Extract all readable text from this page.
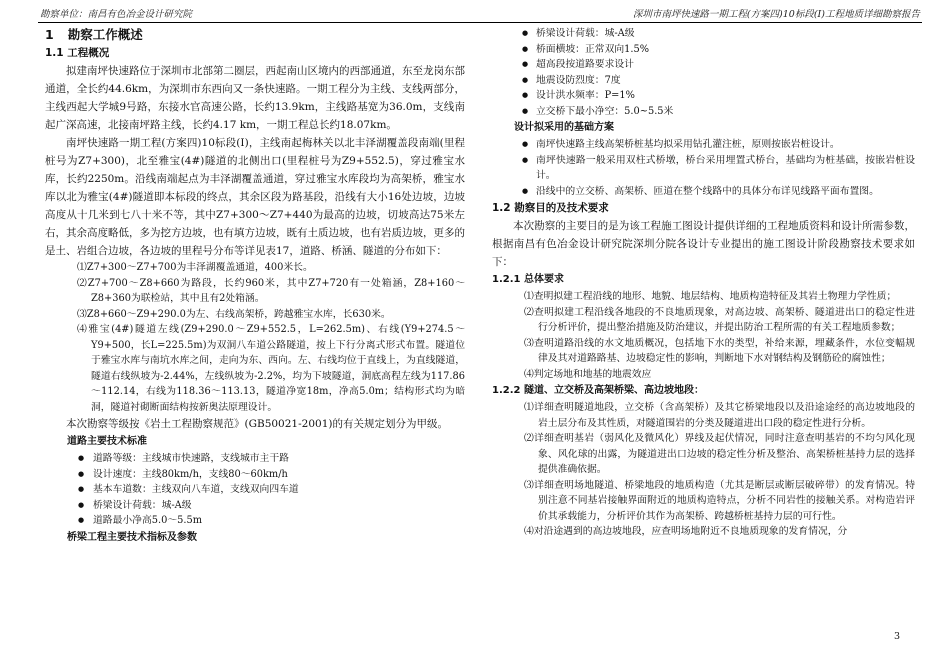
勘察单位：南昌有色冶金设计研究院	深圳市南坪快速路一期工程(方案四)10标段(Ⅰ)工程地质详细勘察报告
1 勘察工作概述
1.1 工程概况

拟建南坪快速路位于深圳市北部第二圈层，西起南山区境内的西部通道，东至龙岗东部通道，全长约44.6km，为深圳市东西向又一条快速路。一期工程分为主线、支线两部分，主线西起大学城9号路，东接水官高速公路，长约13.9km，主线路基宽为36.0m，支线南起广深高速，北接南坪路主线，长约4.17 km，一期工程总长约18.07km。

南坪快速路一期工程(方案四)10标段(Ⅰ)，主线南起梅林关以北丰泽湖覆盖段南端(里程桩号为Z7+300)，北至雅宝(4#)隧道的北侧出口(里程桩号为Z9+552.5)，穿过雅宝水库，长约2250m。沿线南端起点为丰泽湖覆盖通道，穿过雅宝水库段均为高架桥，雅宝水库以北为雅宝(4#)隧道即本标段的终点，其余区段为路基段，沿线有大小16处边坡，边坡高度从十几米到七八十米不等，其中Z7+300～Z7+440为最高的边坡，切坡高达75米左右，其余高度略低，多为挖方边坡，也有填方边坡，既有土质边坡，也有岩质边坡，更多的是土、岩组合边坡，各边坡的里程号分布等详见表17，道路、桥涵、隧道的分布如下：

⑴Z7+300～Z7+700为丰泽湖覆盖通道，400米长。
⑵Z7+700～Z8+660为路段，长约960米，其中Z7+720有一处箱涵，Z8+160～Z8+360为联检站，其中且有2处箱涵。
⑶Z8+660～Z9+290.0为左、右线高架桥，跨越雅宝水库，长630米。
⑷雅宝(4#)隧道左线(Z9+290.0～Z9+552.5，L=262.5m)、右线(Y9+274.5～Y9+500，长L=225.5m)为双洞八车道公路隧道，按上下行分离式形式布置。隧道位于雅宝水库与南坑水库之间，走向为东、西向。左、右线均位于直线上，为直线隧道，隧道右线纵坡为-2.44%，左线纵坡为-2.2%，均为下坡隧道，洞底高程左线为117.86～112.14，右线为118.36～113.13，隧道净宽18m，净高5.0m；结构形式均为暗洞，隧道衬砌断面结构按新奥法原理设计。

本次勘察等级按《岩土工程勘察规范》(GB50021-2001)的有关规定划分为甲级。

道路主要技术标准
● 道路等级：主线城市快速路，支线城市主干路
● 设计速度：主线80km/h，支线80～60km/h
● 基本车道数：主线双向八车道，支线双向四车道
● 桥梁设计荷载：城-A级
● 道路最小净高5.0～5.5m
桥梁工程主要技术指标及参数
● 桥梁设计荷载：城-A级
● 桥面横坡：正常双向1.5%
● 超高段按道路要求设计
● 地震设防烈度：7度
● 设计洪水频率：P=1%
● 立交桥下最小净空：5.0~5.5米
设计拟采用的基础方案
● 南坪快速路主线高架桥桩基均拟采用钻孔灌注桩，原则按嵌岩桩设计。
● 南坪快速路一般采用双柱式桥墩，桥台采用埋置式桥台，基础均为桩基础，按嵌岩桩设计。
● 沿线中的立交桥、高架桥、匝道在整个线路中的具体分布详见线路平面布置图。
1.2 勘察目的及技术要求

本次勘察的主要目的是为该工程施工图设计提供详细的工程地质资料和设计所需参数，根据南昌有色冶金设计研究院深圳分院各设计专业提出的施工图设计阶段勘察技术要求如下：

1.2.1 总体要求
⑴查明拟建工程沿线的地形、地貌、地层结构、地质构造特征及其岩土物理力学性质；
⑵查明拟建工程沿线各地段的不良地质现象，对高边坡、高架桥、隧道进出口的稳定性进行分析评价，提出整治措施及防治建议，并提出防治工程所需的有关工程地质参数；
⑶查明道路沿线的水文地质概况，包括地下水的类型，补给来源，埋藏条件，水位变幅规律及其对道路路基、边坡稳定性的影响，判断地下水对钢结构及钢筋砼的腐蚀性；
⑷判定场地和地基的地震效应
1.2.2 隧道、立交桥及高架桥梁、高边坡地段：
⑴详细查明隧道地段，立交桥（含高架桥）及其它桥梁地段以及沿途途经的高边坡地段的岩土层分布及其性质，对隧道围岩的分类及隧道进出口段的稳定性进行分析。
⑵详细查明基岩（弱风化及微风化）界线及起伏情况，同时注意查明基岩的不均匀风化现象、风化球的出露，为隧道进出口边坡的稳定性分析及整治、高架桥桩基持力层的选择提供准确依据。
⑶详细查明场地隧道、桥梁地段的地质构造（尤其是断层或断层破碎带）的发育情况。特别注意不同基岩接触界面附近的地质构造特点，分析不同岩性的接触关系。对构造岩评价其承载能力，分析评价其作为高架桥、跨越桥桩基持力层的可行性。
⑷对沿途遇到的高边坡地段，应查明场地附近不良地质现象的发育情况，分
3
